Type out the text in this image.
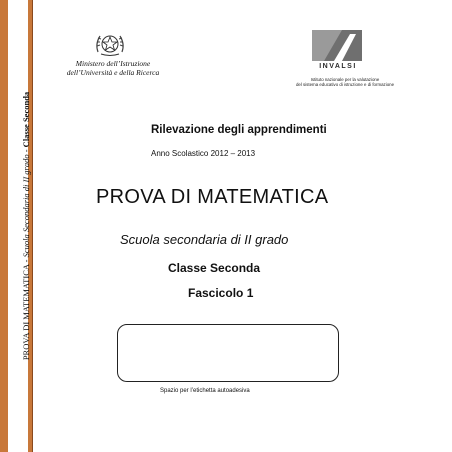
PROVA DI MATEMATICA - Scuola Secondaria di II grado - Classe Seconda
Ministero dell’Istruzione
dell’Università e della Ricerca
INVALSI
Istituto nazionale per la valutazione
del sistema educativo di istruzione e di formazione
Rilevazione degli apprendimenti
Anno Scolastico 2012 – 2013
PROVA DI MATEMATICA
Scuola secondaria di II grado
Classe Seconda
Fascicolo 1
Spazio per l’etichetta autoadesiva
